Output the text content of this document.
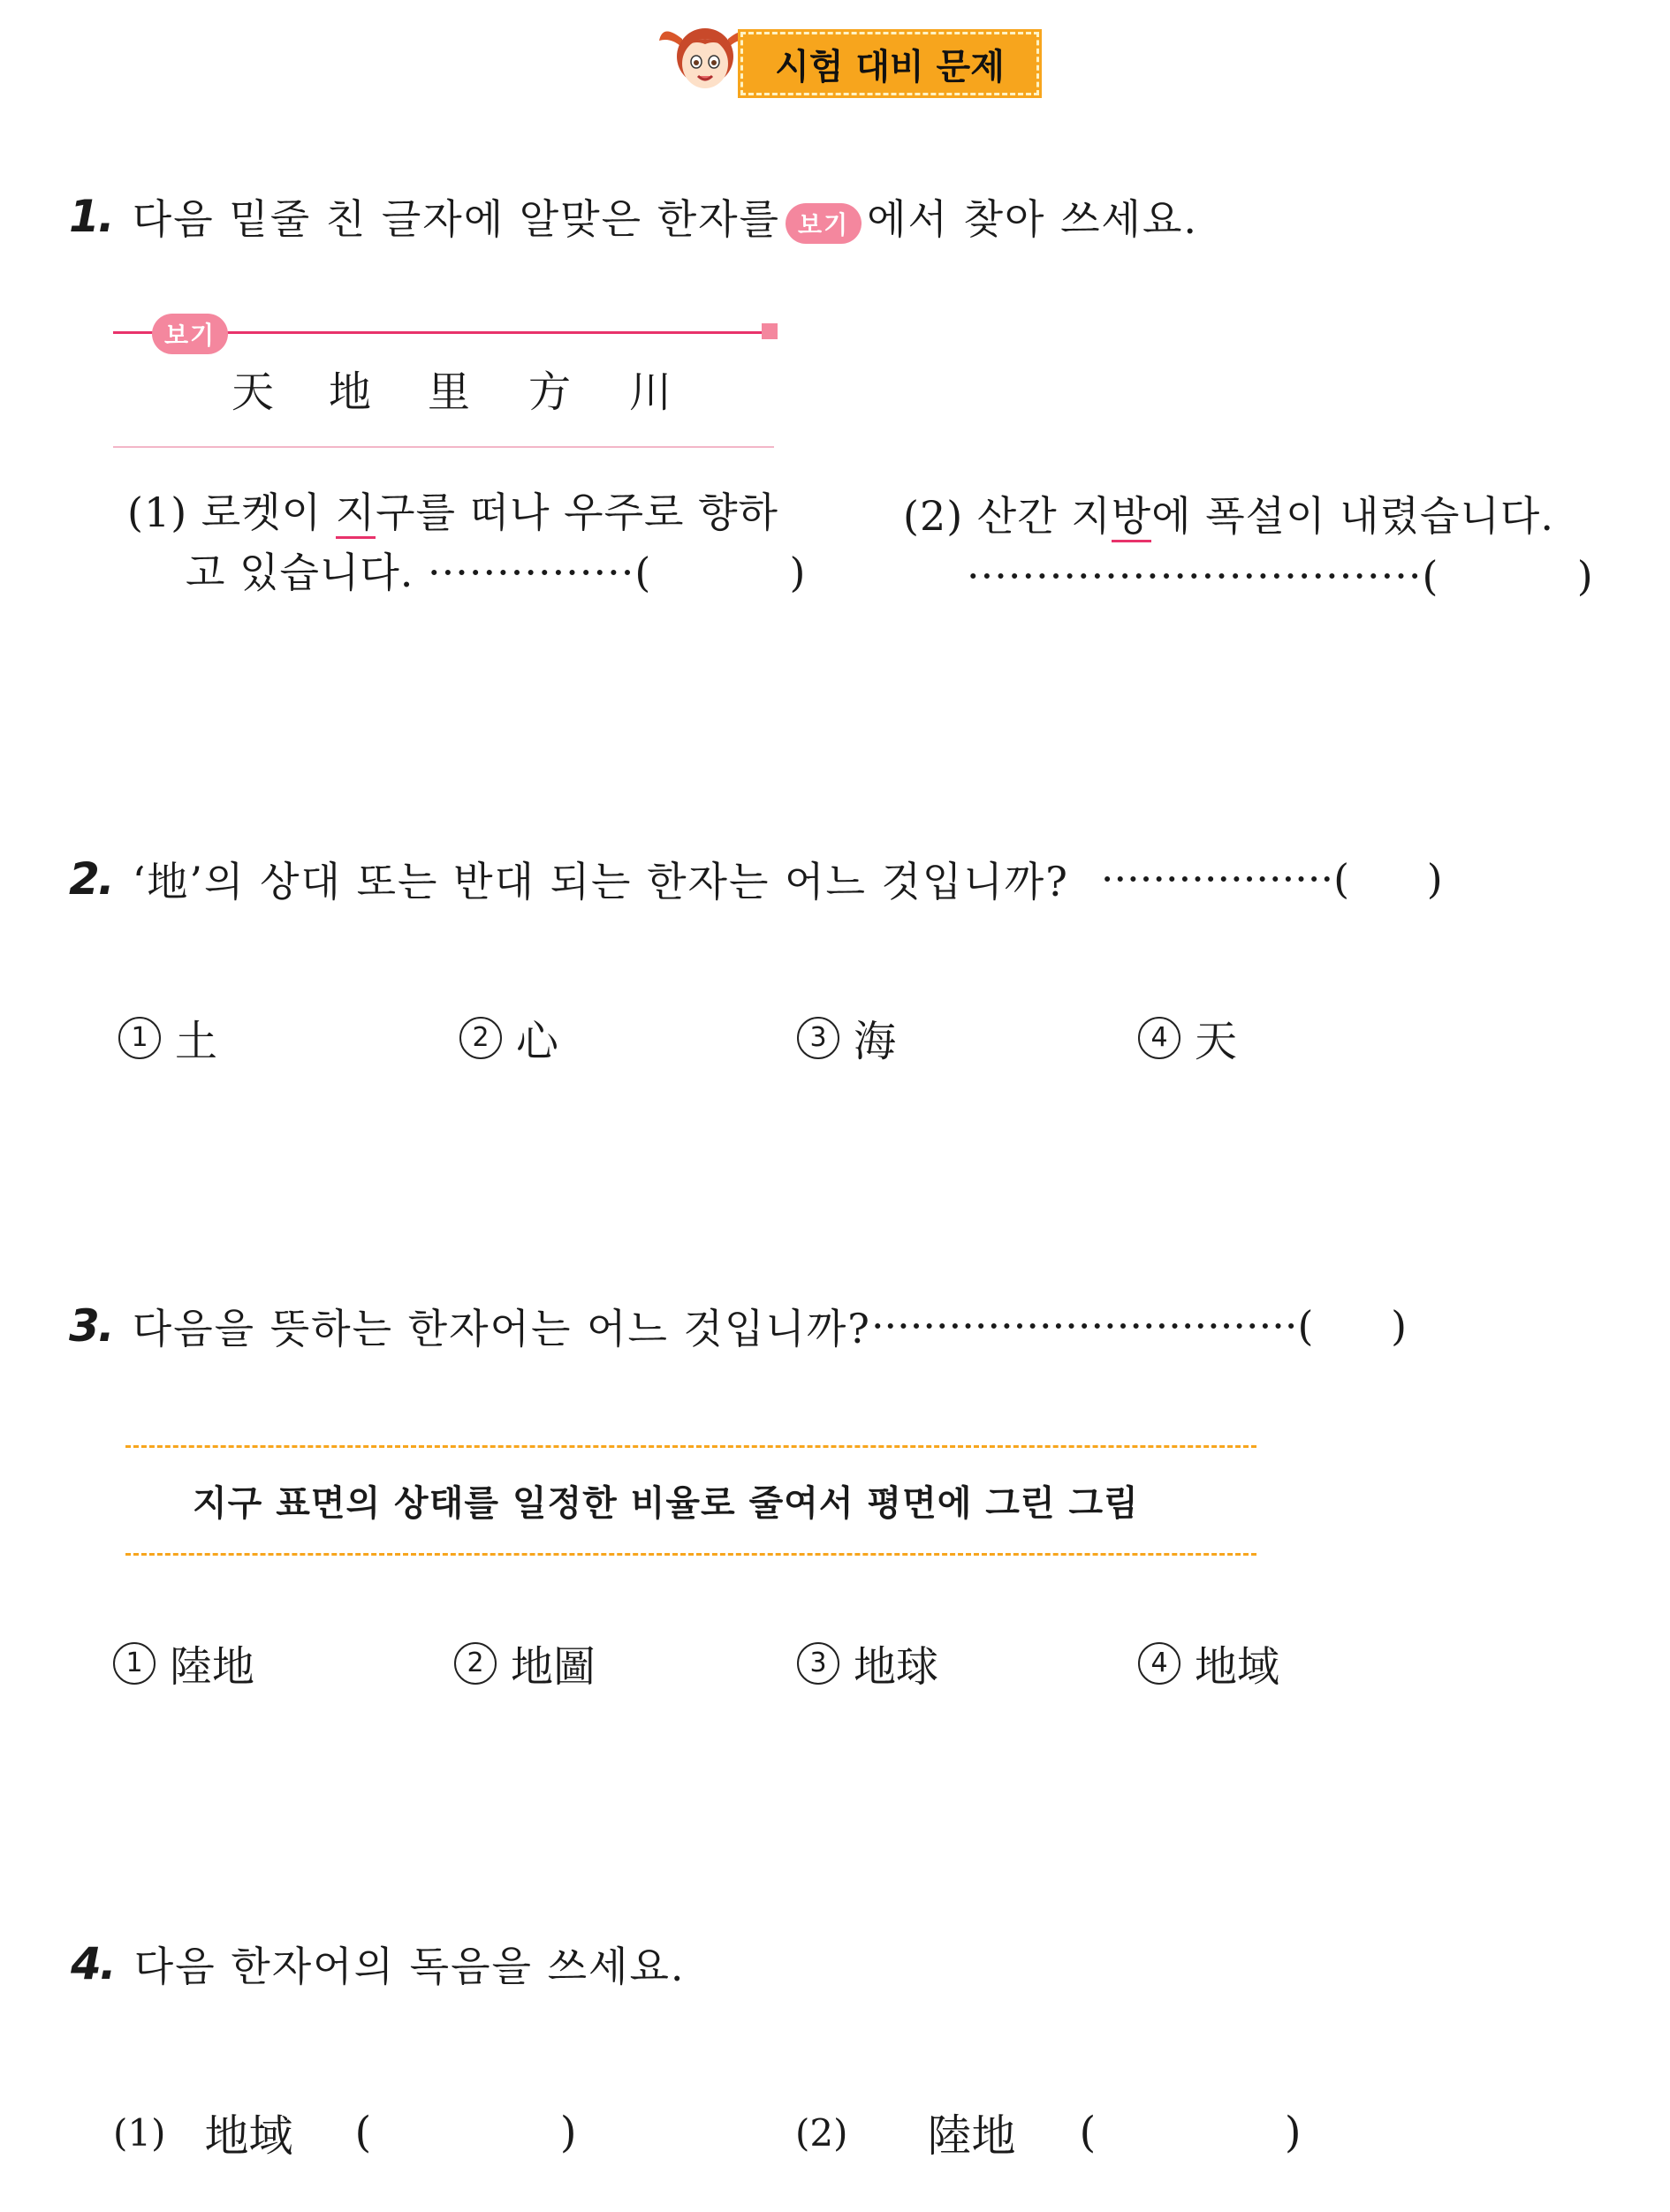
시험 대비 문제
1. 다음 밑줄 친 글자에 알맞은 한자를 보기 에서 찾아 쓰세요.
보기
天 地 里 方 川
(1) 로켓이 지구를 떠나 우주로 향하
고 있습니다. ···············(          )
(2) 산간 지방에 폭설이 내렸습니다.
·································(          )
2. ‘地’의 상대 또는 반대 되는 한자는 어느 것입니까? ·················· (      )
1 土	2 心	3 海	4 天
3. 다음을 뜻하는 한자어는 어느 것입니까? ································· (      )
지구 표면의 상태를 일정한 비율로 줄여서 평면에 그린 그림
1 陸地	2 地圖	3 地球	4 地域
4. 다음 한자어의 독음을 쓰세요.
(1) 地域 (              )	(2) 陸地 (              )
